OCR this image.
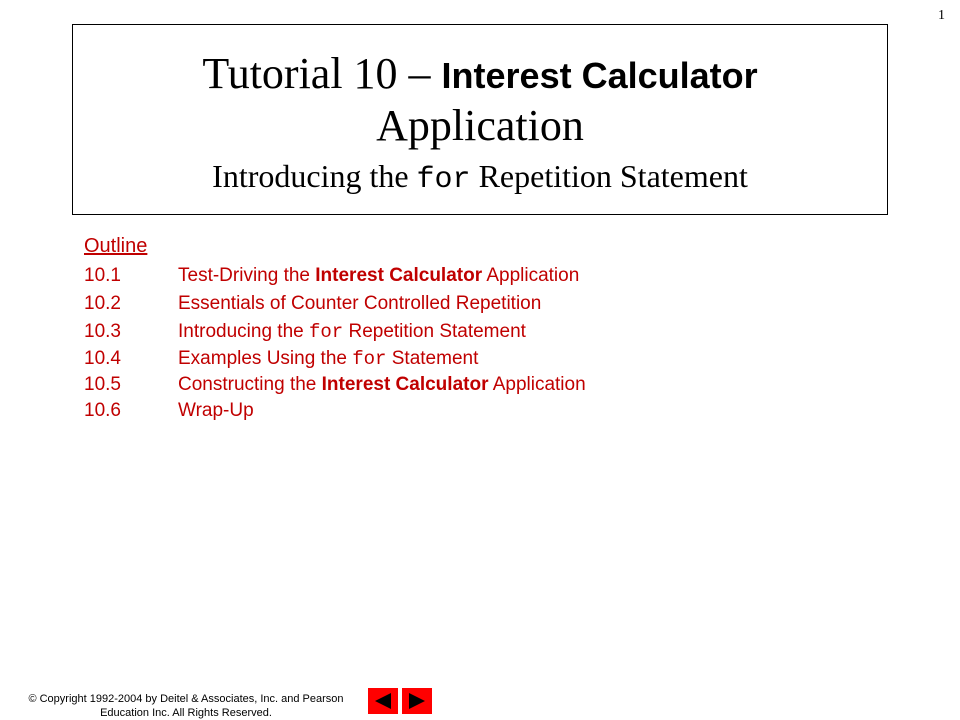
1
Tutorial 10 – Interest Calculator
Application
Introducing the for Repetition Statement
Outline
10.1	Test-Driving the Interest Calculator Application
10.2	Essentials of Counter Controlled Repetition
10.3	Introducing the for Repetition Statement
10.4	Examples Using the for Statement
10.5	Constructing the Interest Calculator Application
10.6	Wrap-Up
© Copyright 1992-2004 by Deitel & Associates, Inc. and Pearson
Education Inc. All Rights Reserved.
